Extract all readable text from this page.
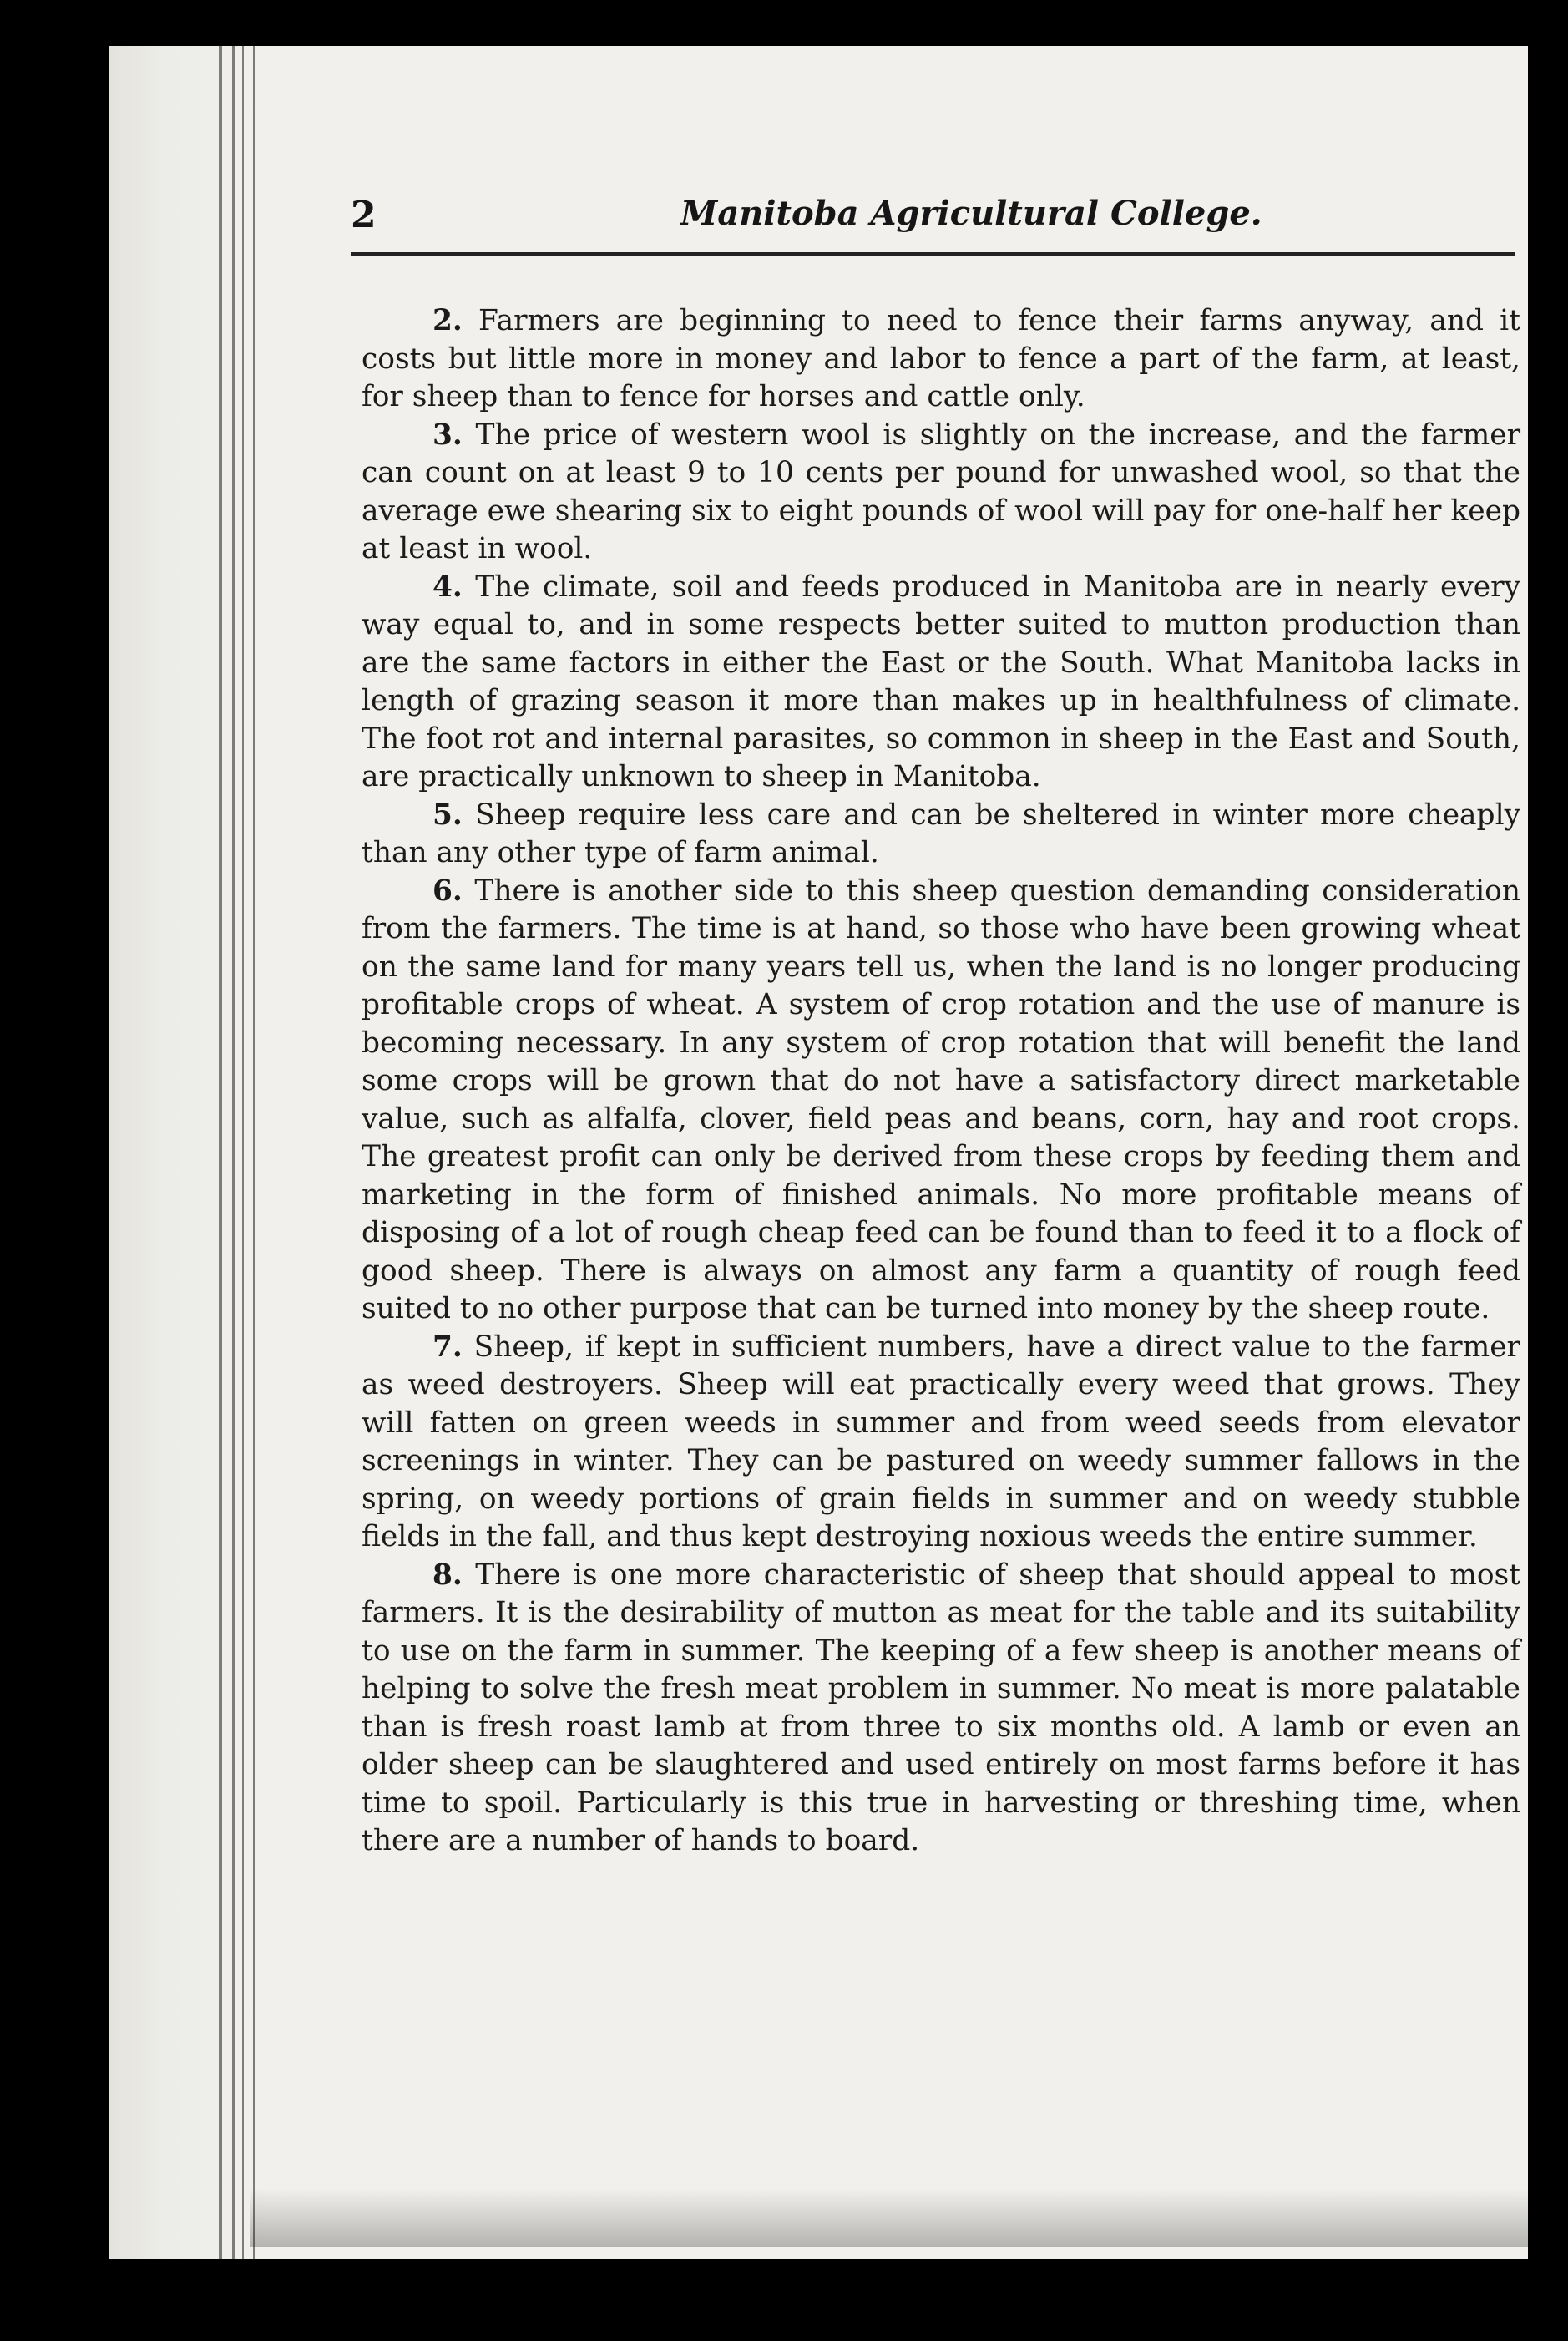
2	Manitoba Agricultural College.

2. Farmers are beginning to need to fence their farms anyway, and it costs but little more in money and labor to fence a part of the farm, at least, for sheep than to fence for horses and cattle only.

3. The price of western wool is slightly on the increase, and the farmer can count on at least 9 to 10 cents per pound for unwashed wool, so that the average ewe shearing six to eight pounds of wool will pay for one-half her keep at least in wool.

4. The climate, soil and feeds produced in Manitoba are in nearly every way equal to, and in some respects better suited to mutton production than are the same factors in either the East or the South. What Manitoba lacks in length of grazing season it more than makes up in healthfulness of climate. The foot rot and internal parasites, so common in sheep in the East and South, are practically unknown to sheep in Manitoba.

5. Sheep require less care and can be sheltered in winter more cheaply than any other type of farm animal.

6. There is another side to this sheep question demanding consideration from the farmers. The time is at hand, so those who have been growing wheat on the same land for many years tell us, when the land is no longer producing profitable crops of wheat. A system of crop rotation and the use of manure is becoming necessary. In any system of crop rotation that will benefit the land some crops will be grown that do not have a satisfactory direct marketable value, such as alfalfa, clover, field peas and beans, corn, hay and root crops. The greatest profit can only be derived from these crops by feeding them and marketing in the form of finished animals. No more profitable means of disposing of a lot of rough cheap feed can be found than to feed it to a flock of good sheep. There is always on almost any farm a quantity of rough feed suited to no other purpose that can be turned into money by the sheep route.

7. Sheep, if kept in sufficient numbers, have a direct value to the farmer as weed destroyers. Sheep will eat practically every weed that grows. They will fatten on green weeds in summer and from weed seeds from elevator screenings in winter. They can be pastured on weedy summer fallows in the spring, on weedy portions of grain fields in summer and on weedy stubble fields in the fall, and thus kept destroying noxious weeds the entire summer.

8. There is one more characteristic of sheep that should appeal to most farmers. It is the desirability of mutton as meat for the table and its suitability to use on the farm in summer. The keeping of a few sheep is another means of helping to solve the fresh meat problem in summer. No meat is more palatable than is fresh roast lamb at from three to six months old. A lamb or even an older sheep can be slaughtered and used entirely on most farms before it has time to spoil. Particularly is this true in harvesting or threshing time, when there are a number of hands to board.
